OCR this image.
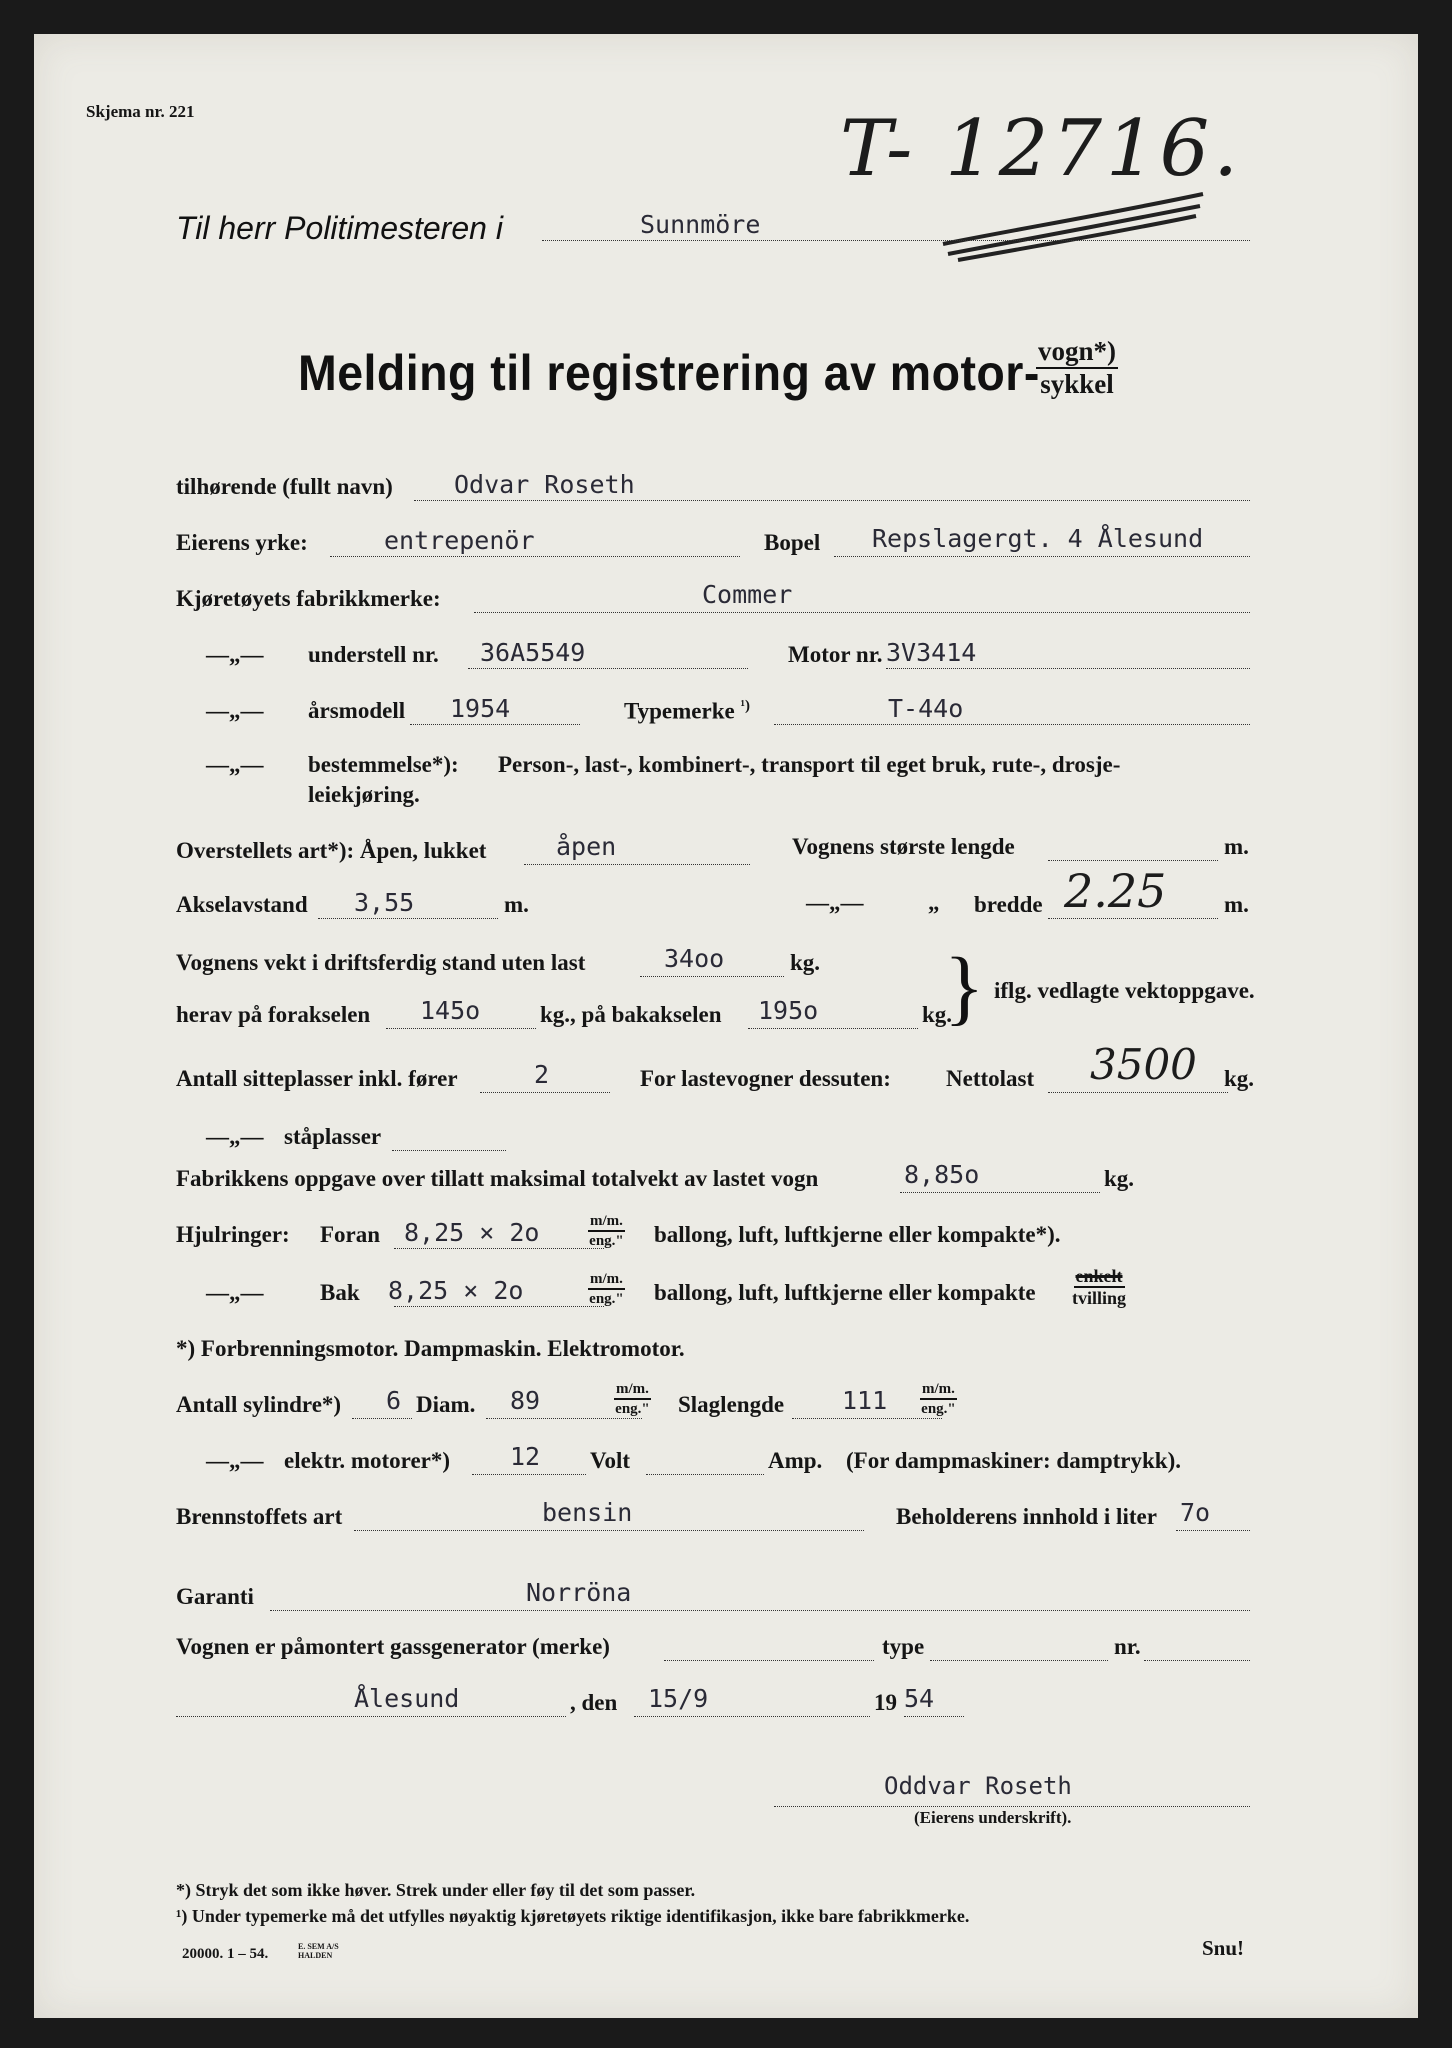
Skjema nr. 221	T- 12716.
Til herr Politimesteren i	Sunnmöre
Melding til registrering av motor-
vogn*)
sykkel
tilhørende (fullt navn) Odvar Roseth
Eierens yrke:	entrepenör	Bopel Repslagergt. 4 Ålesund
Kjøretøyets fabrikkmerke:	Commer
—„— understell nr. 36A5549	Motor nr. 3V3414
—„— årsmodell 1954	Typemerke $^{^1)}$	T-44o
—„— bestemmelse*): Person-, last-, kombinert-, transport til eget bruk, rute-, drosje-
leiekjøring.
Overstellets art*): Åpen, lukket	åpen	Vognens største lengde	m.
Akselavstand 3,55	m.	—„—	„ bredde 2.25	m.
Vognens vekt i driftsferdig stand uten last	34oo	kg.
herav på forakselen 145o	kg., på bakakselen 195o	kg.
} iflg. vedlagte vektoppgave.
Antall sitteplasser inkl. fører	2	For lastevogner dessuten: Nettolast 3500 kg.
—„— ståplasser
Fabrikkens oppgave over tillatt maksimal totalvekt av lastet vogn	8,85o	kg.
Hjulringer: Foran 8,25 × 2o	m/m.
eng." ballong, luft, luftkjerne eller kompakte*).
—„— Bak 8,25 × 2o	m/m.
eng." ballong, luft, luftkjerne eller kompakte
enkelt
tvilling
*) Forbrenningsmotor. Dampmaskin. Elektromotor.
Antall sylindre*) 6 Diam. 89	m/m.
eng." Slaglengde 111 m/m.
eng."
—„— elektr. motorer*) 12 Volt	Amp. (For dampmaskiner: damptrykk).
Brennstoffets art	bensin	Beholderens innhold i liter 7o
Garanti	Norröna
Vognen er påmontert gassgenerator (merke)	type	nr.
Ålesund	, den 15/9	19 54
Oddvar Roseth
(Eierens underskrift).
*) Stryk det som ikke høver. Strek under eller føy til det som passer.
¹) Under typemerke må det utfylles nøyaktig kjøretøyets riktige identifikasjon, ikke bare fabrikkmerke.
20000. 1 – 54.	E. SEM A/S
HALDEN	Snu!
